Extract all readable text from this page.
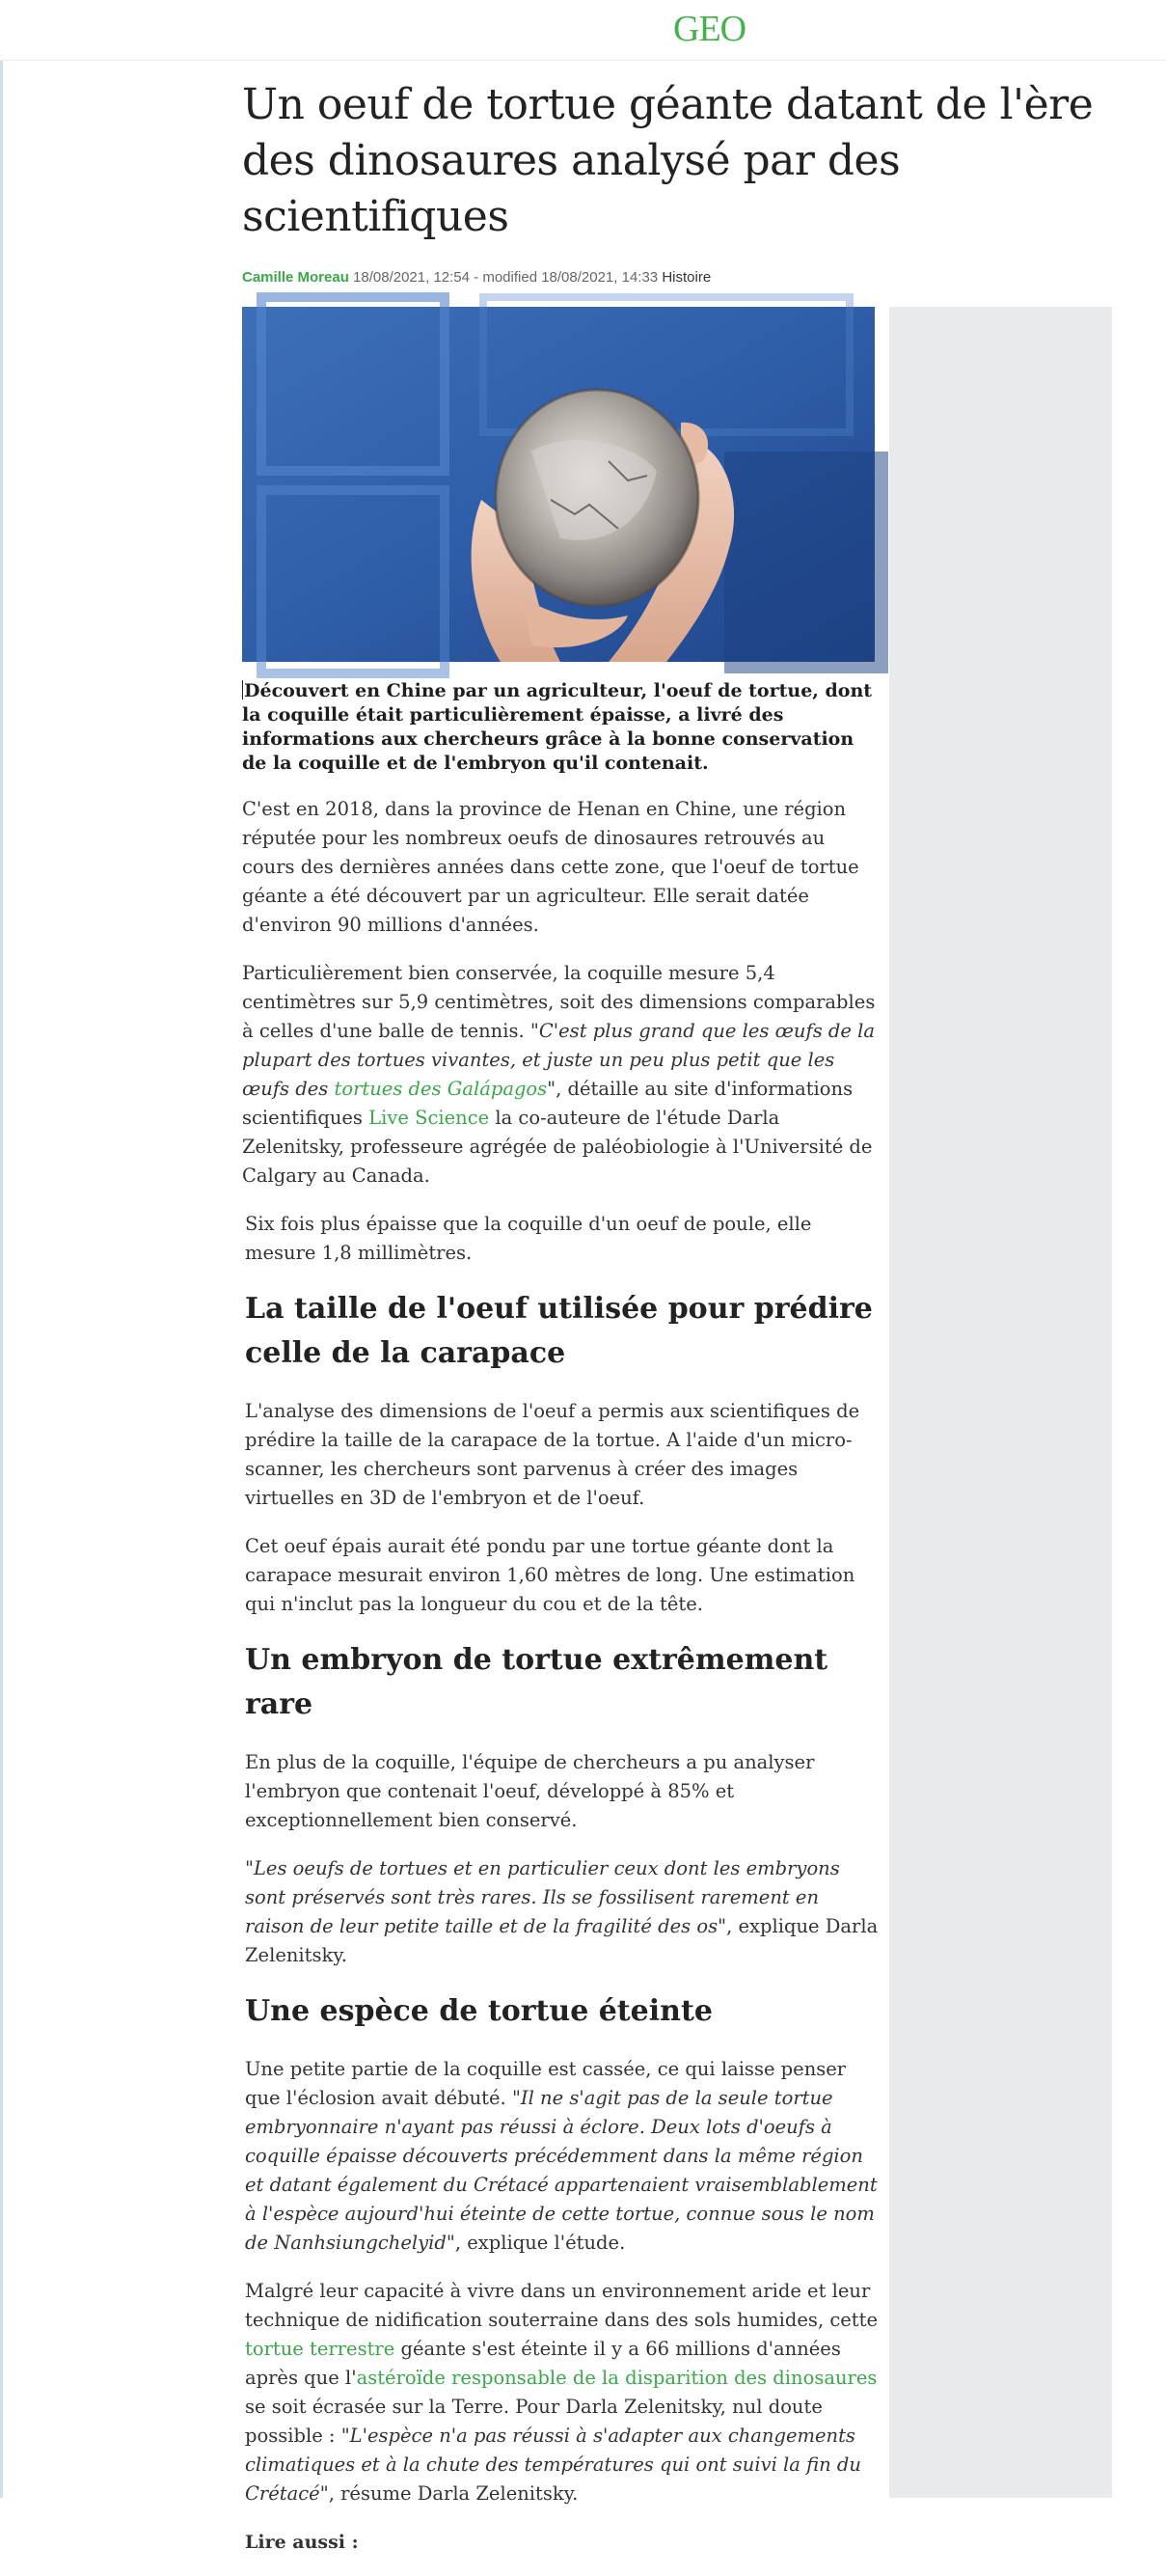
GEO
Un oeuf de tortue géante datant de l'ère des dinosaures analysé par des scientifiques
Camille Moreau 18/08/2021, 12:54 - modified 18/08/2021, 14:33 Histoire

Découvert en Chine par un agriculteur, l'oeuf de tortue, dont la coquille était particulièrement épaisse, a livré des informations aux chercheurs grâce à la bonne conservation de la coquille et de l'embryon qu'il contenait.

C'est en 2018, dans la province de Henan en Chine, une région réputée pour les nombreux oeufs de dinosaures retrouvés au cours des dernières années dans cette zone, que l'oeuf de tortue géante a été découvert par un agriculteur. Elle serait datée d'environ 90 millions d'années.

Particulièrement bien conservée, la coquille mesure 5,4 centimètres sur 5,9 centimètres, soit des dimensions comparables à celles d'une balle de tennis. "C'est plus grand que les œufs de la plupart des tortues vivantes, et juste un peu plus petit que les œufs des tortues des Galápagos", détaille au site d'informations scientifiques Live Science la co-auteure de l'étude Darla Zelenitsky, professeure agrégée de paléobiologie à l'Université de Calgary au Canada.

Six fois plus épaisse que la coquille d'un oeuf de poule, elle mesure 1,8 millimètres.

La taille de l'oeuf utilisée pour prédire celle de la carapace

L'analyse des dimensions de l'oeuf a permis aux scientifiques de prédire la taille de la carapace de la tortue. A l'aide d'un micro-scanner, les chercheurs sont parvenus à créer des images virtuelles en 3D de l'embryon et de l'oeuf.

Cet oeuf épais aurait été pondu par une tortue géante dont la carapace mesurait environ 1,60 mètres de long. Une estimation qui n'inclut pas la longueur du cou et de la tête.

Un embryon de tortue extrêmement rare

En plus de la coquille, l'équipe de chercheurs a pu analyser l'embryon que contenait l'oeuf, développé à 85% et exceptionnellement bien conservé.

"Les oeufs de tortues et en particulier ceux dont les embryons sont préservés sont très rares. Ils se fossilisent rarement en raison de leur petite taille et de la fragilité des os", explique Darla Zelenitsky.

Une espèce de tortue éteinte

Une petite partie de la coquille est cassée, ce qui laisse penser que l'éclosion avait débuté. "Il ne s'agit pas de la seule tortue embryonnaire n'ayant pas réussi à éclore. Deux lots d'oeufs à coquille épaisse découverts précédemment dans la même région et datant également du Crétacé appartenaient vraisemblablement à l'espèce aujourd'hui éteinte de cette tortue, connue sous le nom de Nanhsiungchelyid", explique l'étude.

Malgré leur capacité à vivre dans un environnement aride et leur technique de nidification souterraine dans des sols humides, cette tortue terrestre géante s'est éteinte il y a 66 millions d'années après que l'astéroïde responsable de la disparition des dinosaures se soit écrasée sur la Terre. Pour Darla Zelenitsky, nul doute possible : "L'espèce n'a pas réussi à s'adapter aux changements climatiques et à la chute des températures qui ont suivi la fin du Crétacé", résume Darla Zelenitsky.

Lire aussi :
